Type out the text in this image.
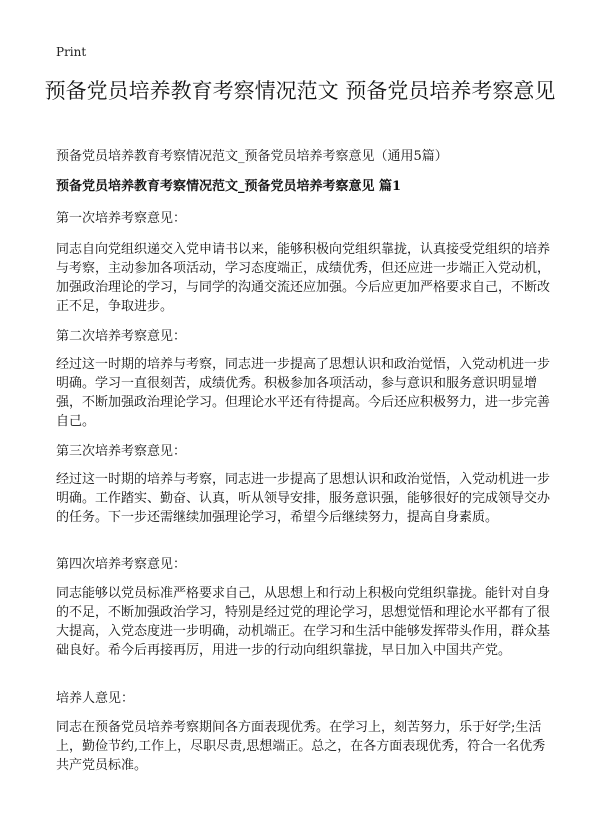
Print
预备党员培养教育考察情况范文 预备党员培养考察意见
预备党员培养教育考察情况范文_预备党员培养考察意见（通用5篇）
预备党员培养教育考察情况范文_预备党员培养考察意见 篇1

第一次培养考察意见：

同志自向党组织递交入党申请书以来，能够积极向党组织靠拢，认真接受党组织的培养与考察，主动参加各项活动，学习态度端正，成绩优秀，但还应进一步端正入党动机，加强政治理论的学习，与同学的沟通交流还应加强。今后应更加严格要求自己，不断改正不足，争取进步。

第二次培养考察意见：

经过这一时期的培养与考察，同志进一步提高了思想认识和政治觉悟，入党动机进一步明确。学习一直很刻苦，成绩优秀。积极参加各项活动，参与意识和服务意识明显增强，不断加强政治理论学习。但理论水平还有待提高。今后还应积极努力，进一步完善自己。

第三次培养考察意见：

经过这一时期的培养与考察，同志进一步提高了思想认识和政治觉悟，入党动机进一步明确。工作踏实、勤奋、认真，听从领导安排，服务意识强，能够很好的完成领导交办的任务。下一步还需继续加强理论学习，希望今后继续努力，提高自身素质。

第四次培养考察意见：

同志能够以党员标准严格要求自己，从思想上和行动上积极向党组织靠拢。能针对自身的不足，不断加强政治学习，特别是经过党的理论学习，思想觉悟和理论水平都有了很大提高，入党态度进一步明确，动机端正。在学习和生活中能够发挥带头作用，群众基础良好。希今后再接再厉，用进一步的行动向组织靠拢，早日加入中国共产党。

培养人意见：

同志在预备党员培养考察期间各方面表现优秀。在学习上，刻苦努力，乐于好学;生活上，勤俭节约,工作上，尽职尽责,思想端正。总之，在各方面表现优秀，符合一名优秀共产党员标准。
